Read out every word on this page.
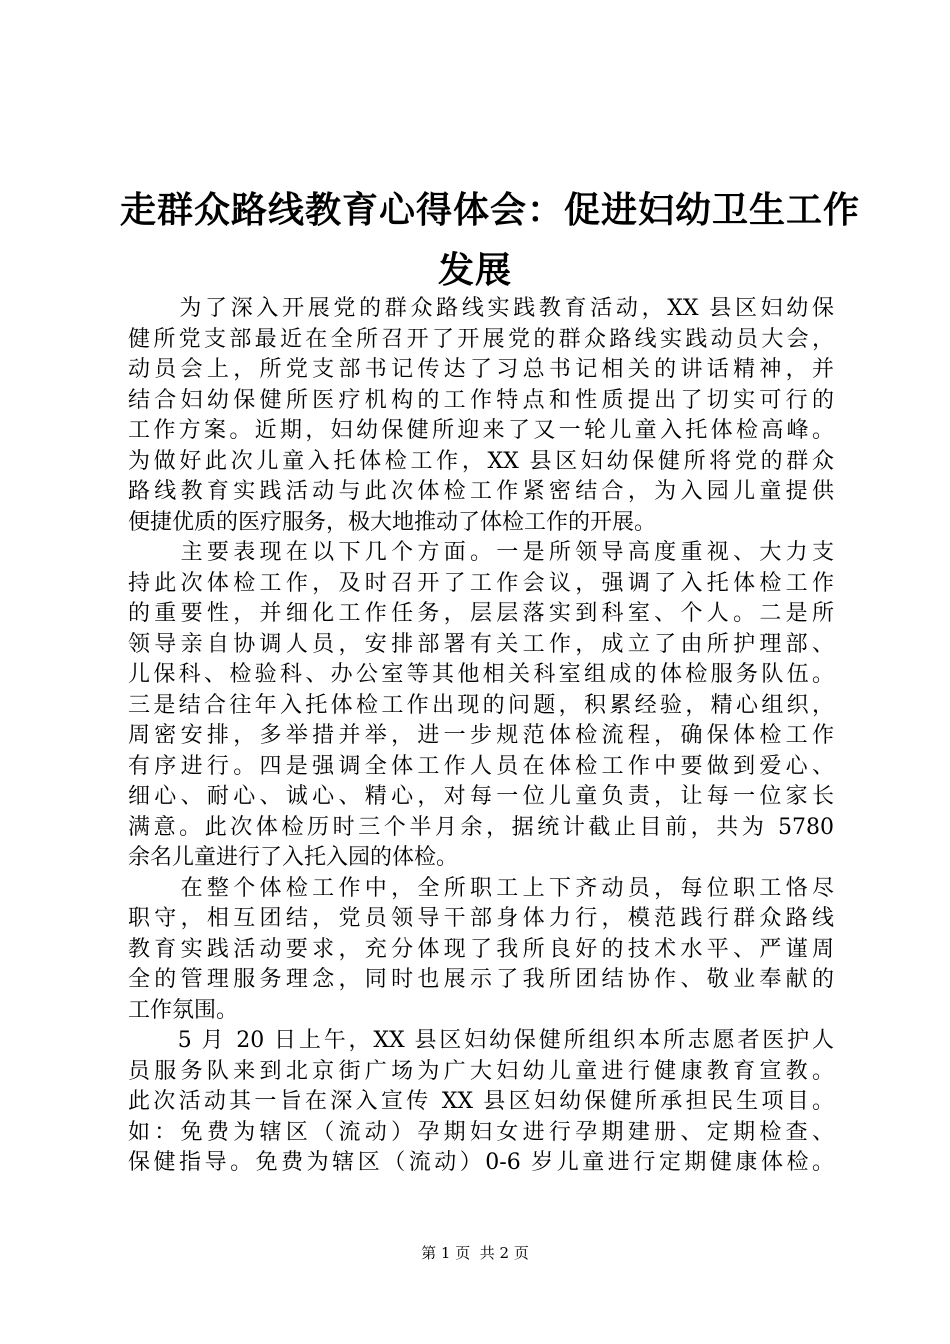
走群众路线教育心得体会：促进妇幼卫生工作
发展
　　为了深入开展党的群众路线实践教育活动，XX 县区妇幼保
健所党支部最近在全所召开了开展党的群众路线实践动员大会，
动员会上，所党支部书记传达了习总书记相关的讲话精神，并
结合妇幼保健所医疗机构的工作特点和性质提出了切实可行的
工作方案。近期，妇幼保健所迎来了又一轮儿童入托体检高峰。
为做好此次儿童入托体检工作，XX 县区妇幼保健所将党的群众
路线教育实践活动与此次体检工作紧密结合，为入园儿童提供
便捷优质的医疗服务，极大地推动了体检工作的开展。
　　主要表现在以下几个方面。一是所领导高度重视、大力支
持此次体检工作，及时召开了工作会议，强调了入托体检工作
的重要性，并细化工作任务，层层落实到科室、个人。二是所
领导亲自协调人员，安排部署有关工作，成立了由所护理部、
儿保科、检验科、办公室等其他相关科室组成的体检服务队伍。
三是结合往年入托体检工作出现的问题，积累经验，精心组织，
周密安排，多举措并举，进一步规范体检流程，确保体检工作
有序进行。四是强调全体工作人员在体检工作中要做到爱心、
细心、耐心、诚心、精心，对每一位儿童负责，让每一位家长
满意。此次体检历时三个半月余，据统计截止目前，共为 5780
余名儿童进行了入托入园的体检。
　　在整个体检工作中，全所职工上下齐动员，每位职工恪尽
职守，相互团结，党员领导干部身体力行，模范践行群众路线
教育实践活动要求，充分体现了我所良好的技术水平、严谨周
全的管理服务理念，同时也展示了我所团结协作、敬业奉献的
工作氛围。
　　5 月 20 日上午，XX 县区妇幼保健所组织本所志愿者医护人
员服务队来到北京街广场为广大妇幼儿童进行健康教育宣教。
此次活动其一旨在深入宣传 XX 县区妇幼保健所承担民生项目。
如：免费为辖区（流动）孕期妇女进行孕期建册、定期检查、
保健指导。免费为辖区（流动）0-6 岁儿童进行定期健康体检。
第 1 页  共 2 页
